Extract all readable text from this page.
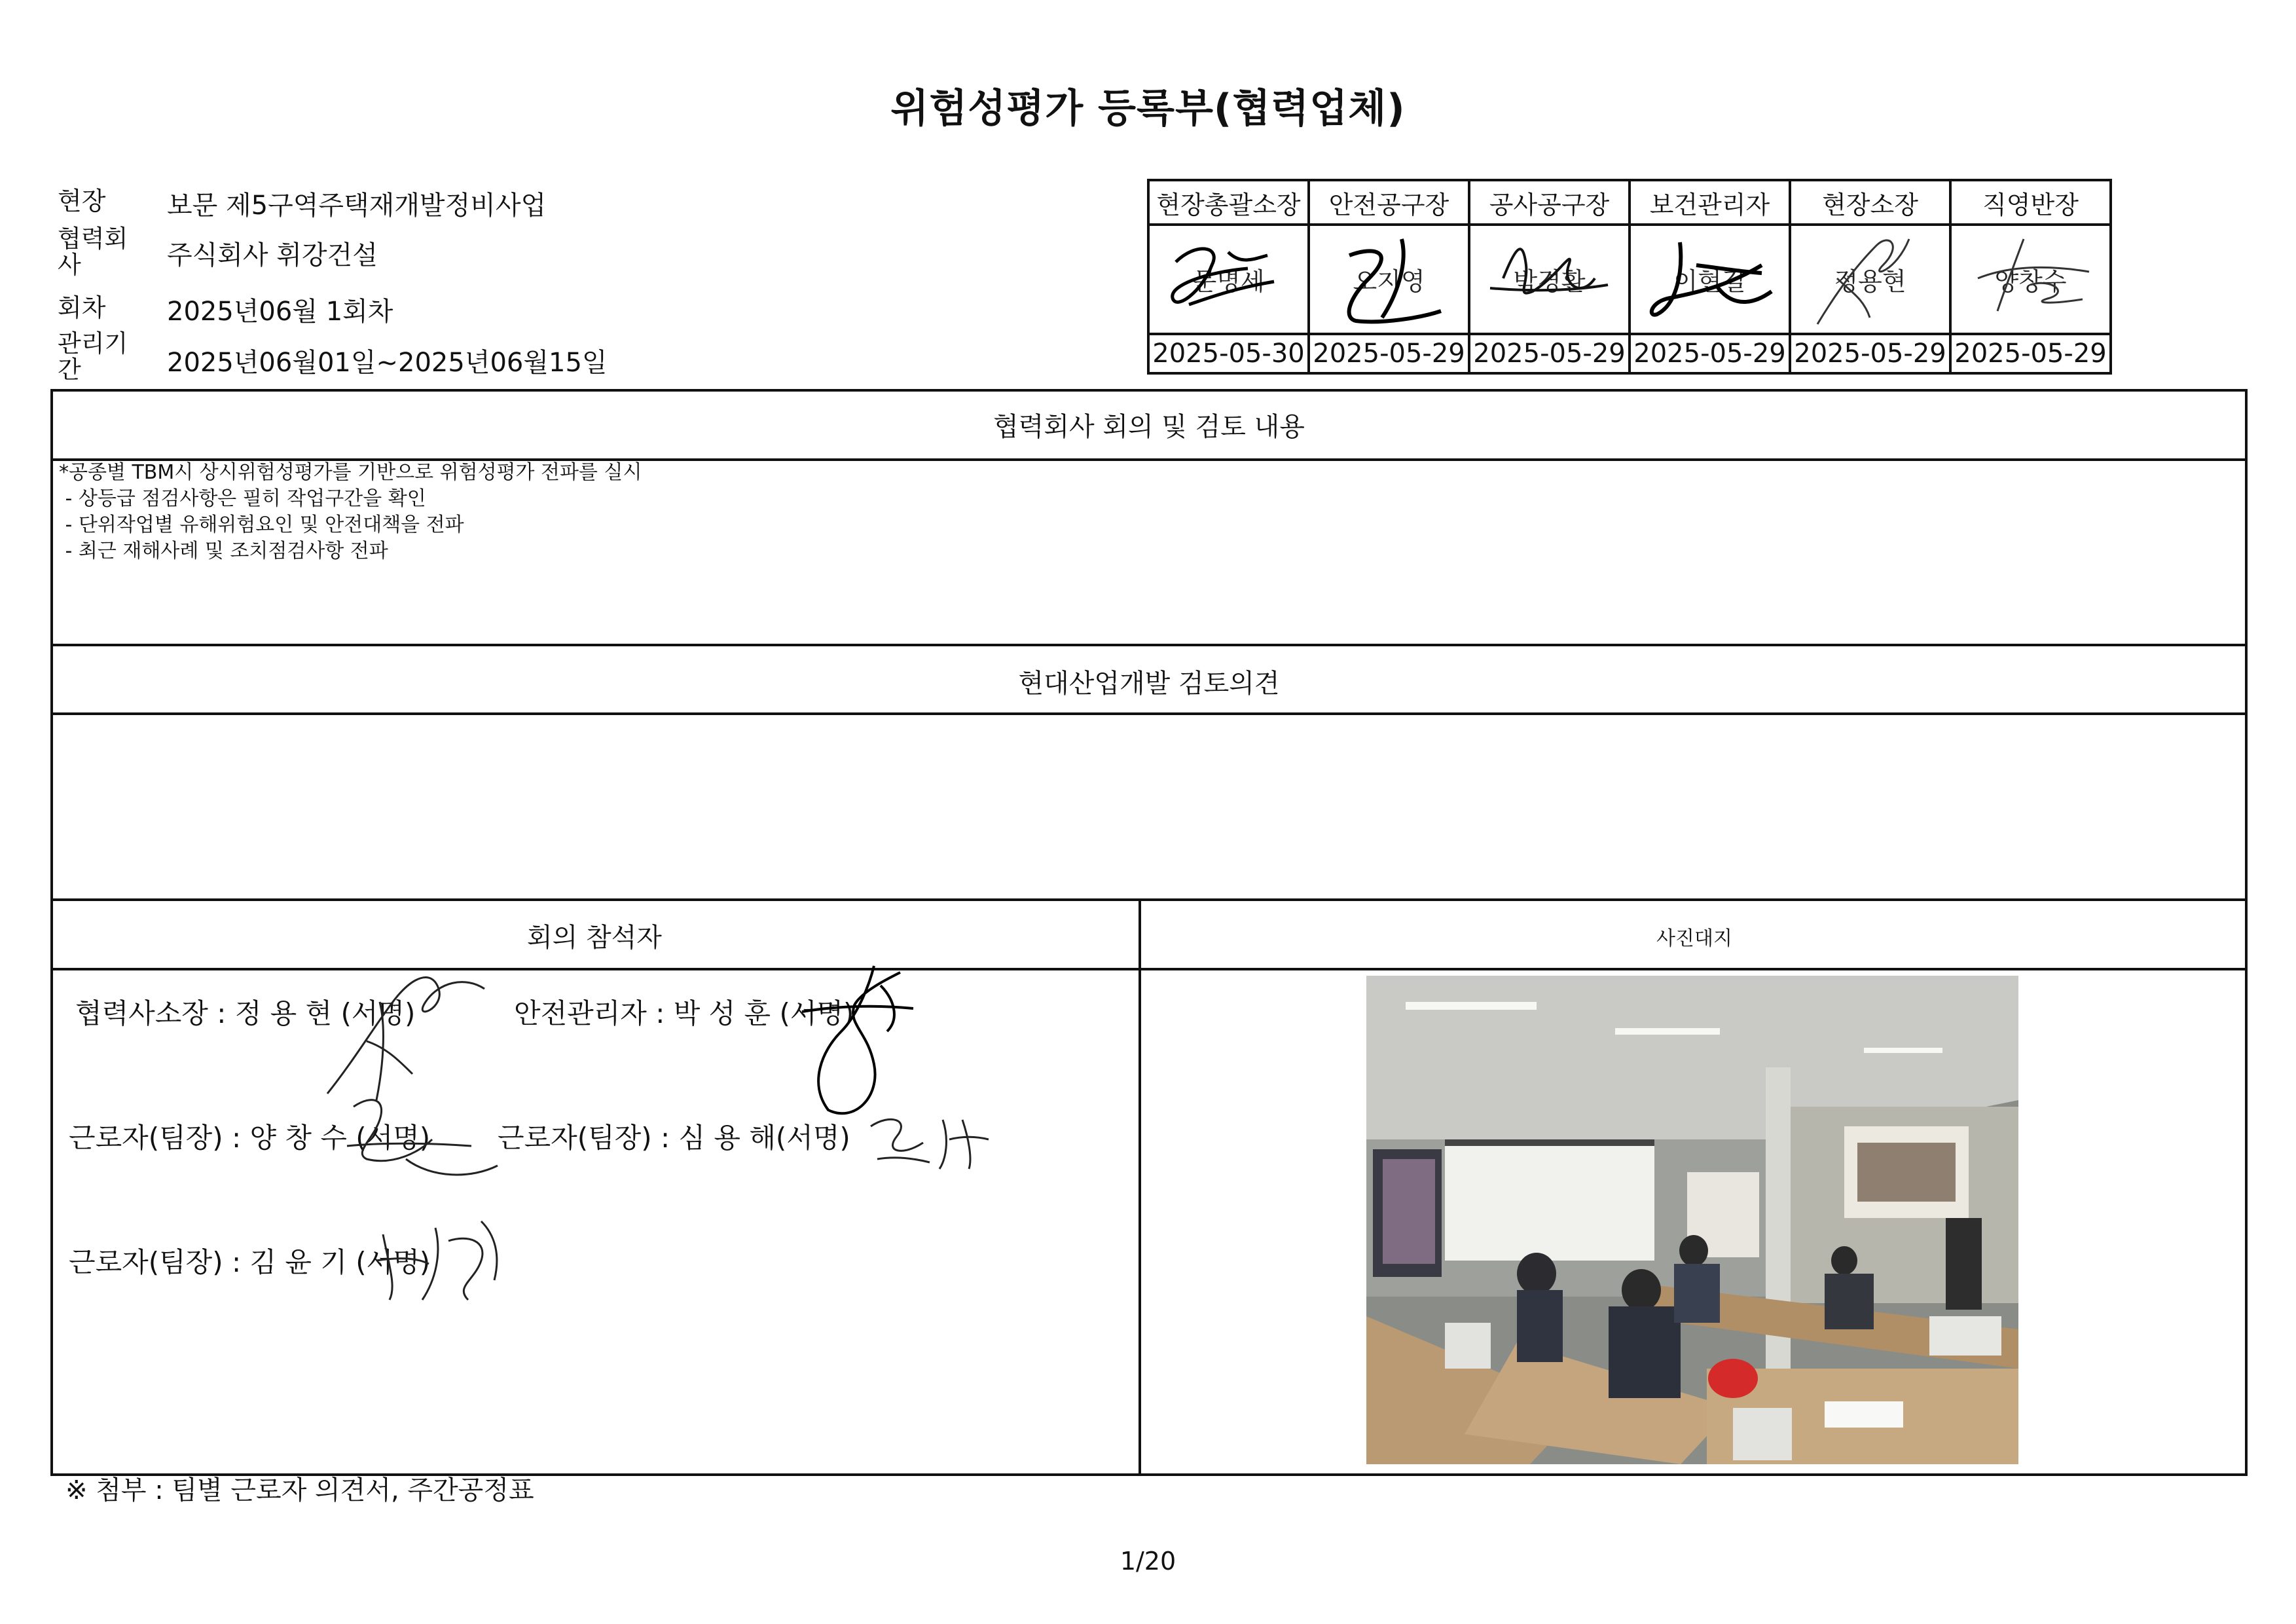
위험성평가 등록부(협력업체)
현장 보문 제5구역주택재개발정비사업
협력회사	주식회사 휘강건설
회차 2025년06월 1회차
관리기간	2025년06월01일~2025년06월15일
현장총괄소장	안전공구장	공사공구장	보건관리자	현장소장	직영반장
문명세	오지영	박경환	이현길	정용현	양창수

2025-05-30	2025-05-29	2025-05-29	2025-05-29	2025-05-29	2025-05-29
협력회사 회의 및 검토 내용
*공종별 TBM시 상시위험성평가를 기반으로 위험성평가 전파를 실시
- 상등급 점검사항은 필히 작업구간을 확인
- 단위작업별 유해위험요인 및 안전대책을 전파
- 최근 재해사례 및 조치점검사항 전파
현대산업개발 검토의견
회의 참석자	사진대지
협력사소장 : 정 용 현 (서명)	안전관리자 : 박 성 훈 (서명)
근로자(팀장) : 양 창 수 (서명) 근로자(팀장) : 심 용 해(서명)
근로자(팀장) : 김 윤 기 (서명)
※ 첨부 : 팀별 근로자 의견서, 주간공정표
1/20
